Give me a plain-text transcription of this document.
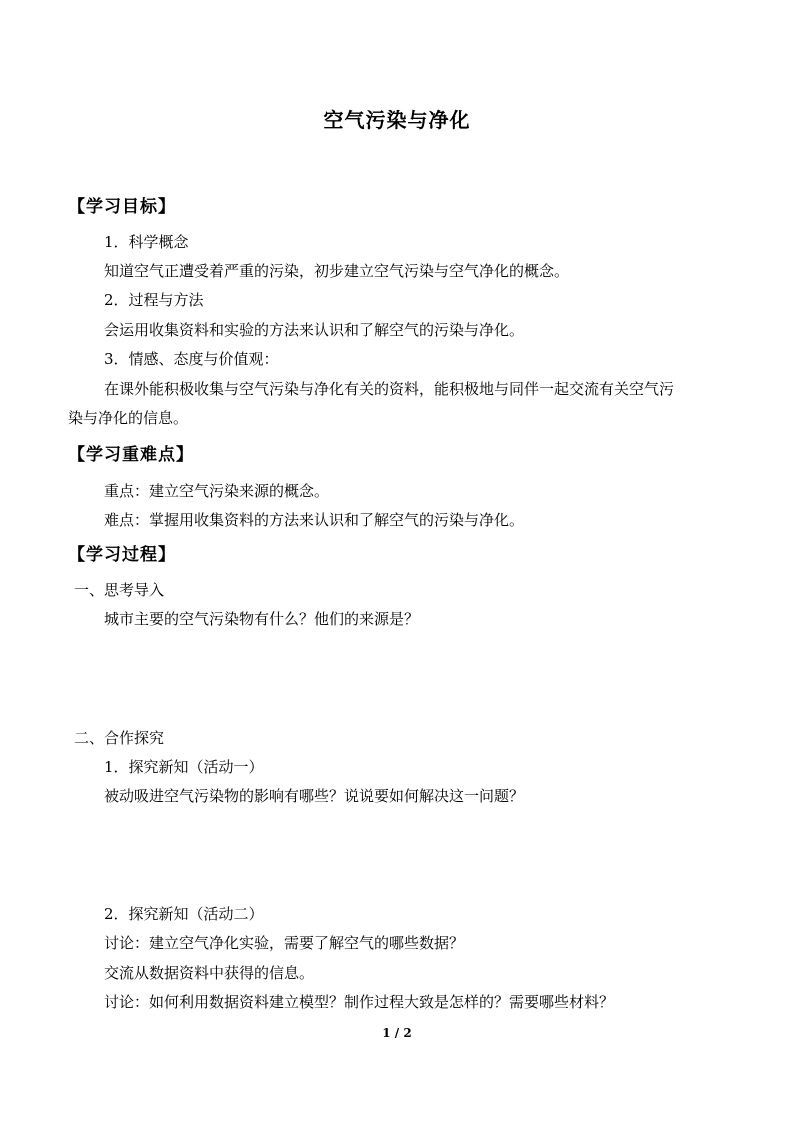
空气污染与净化
【学习目标】
1．科学概念
知道空气正遭受着严重的污染，初步建立空气污染与空气净化的概念。
2．过程与方法
会运用收集资料和实验的方法来认识和了解空气的污染与净化。
3．情感、态度与价值观：
在课外能积极收集与空气污染与净化有关的资料，能积极地与同伴一起交流有关空气污
染与净化的信息。
【学习重难点】
重点：建立空气污染来源的概念。
难点：掌握用收集资料的方法来认识和了解空气的污染与净化。
【学习过程】
一、思考导入
城市主要的空气污染物有什么？他们的来源是？
二、合作探究
1．探究新知（活动一）
被动吸进空气污染物的影响有哪些？说说要如何解决这一问题？
2．探究新知（活动二）
讨论：建立空气净化实验，需要了解空气的哪些数据？
交流从数据资料中获得的信息。
讨论：如何利用数据资料建立模型？制作过程大致是怎样的？需要哪些材料？
1 / 2
